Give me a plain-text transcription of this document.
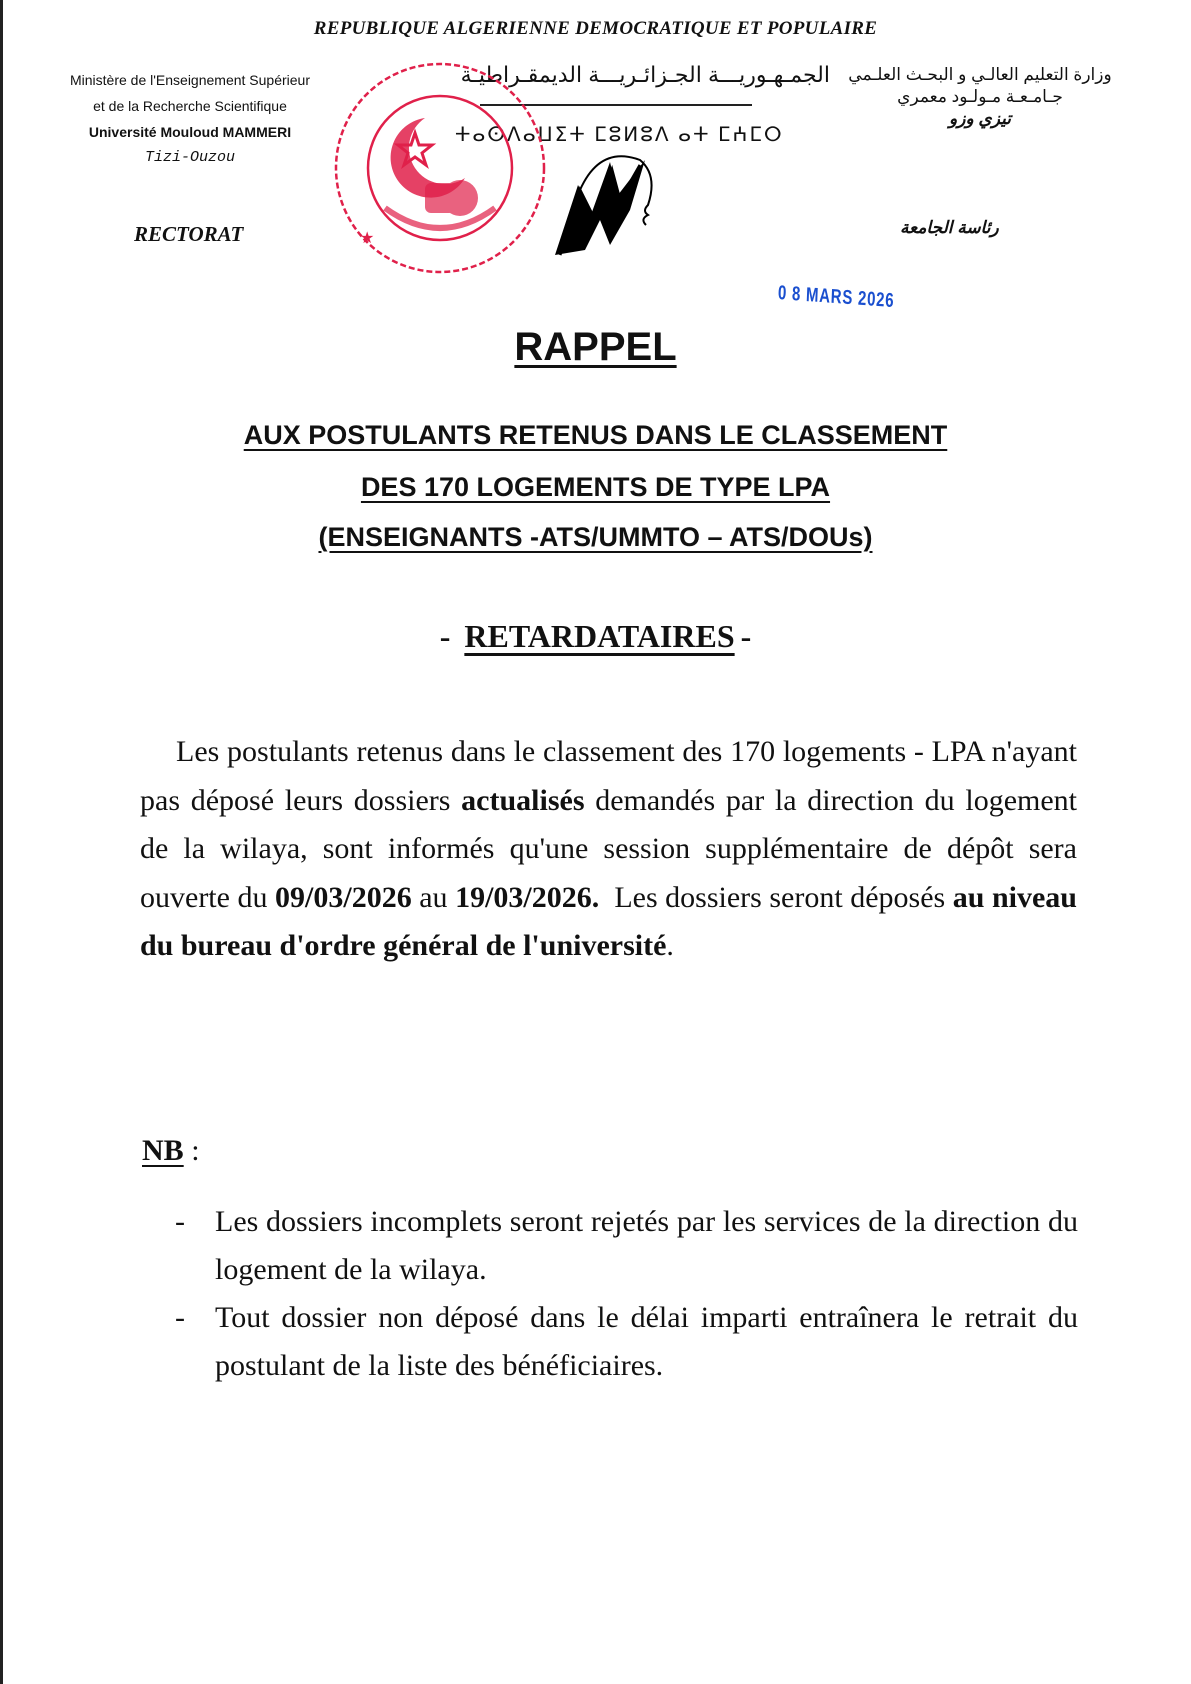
REPUBLIQUE ALGERIENNE DEMOCRATIQUE ET POPULAIRE
Ministère de l'Enseignement Supérieur
et de la Recherche Scientifique
Université Mouloud MAMMERI
Tizi-Ouzou
RECTORAT
الجمـهـوريـــة الجـزائـريـــة الديمقـراطيـة
ⵜⴰⵙⴷⴰⵡⵉⵜ ⵎⵓⵍⵓⴷ ⴰⵜ ⵎⵄⵎⵔ
وزارة التعليم العالـي و البحـث العلـمي
جـامـعـة مـولـود معمري
تيزي وزو
رئاسة الجامعة
★
0 8 MARS 2026
RAPPEL
AUX POSTULANTS RETENUS DANS LE CLASSEMENT
DES 170 LOGEMENTS DE TYPE LPA
(ENSEIGNANTS -ATS/UMMTO – ATS/DOUs)
- RETARDATAIRES -
Les postulants retenus dans le classement des 170 logements - LPA n'ayant pas déposé leurs dossiers actualisés demandés par la direction du logement de la wilaya, sont informés qu'une session supplémentaire de dépôt sera ouverte du 09/03/2026 au 19/03/2026.  Les dossiers seront déposés au niveau du bureau d'ordre général de l'université.
NB :
- Les dossiers incomplets seront rejetés par les services de la direction du logement de la wilaya.
- Tout dossier non déposé dans le délai imparti entraînera le retrait du postulant de la liste des bénéficiaires.
